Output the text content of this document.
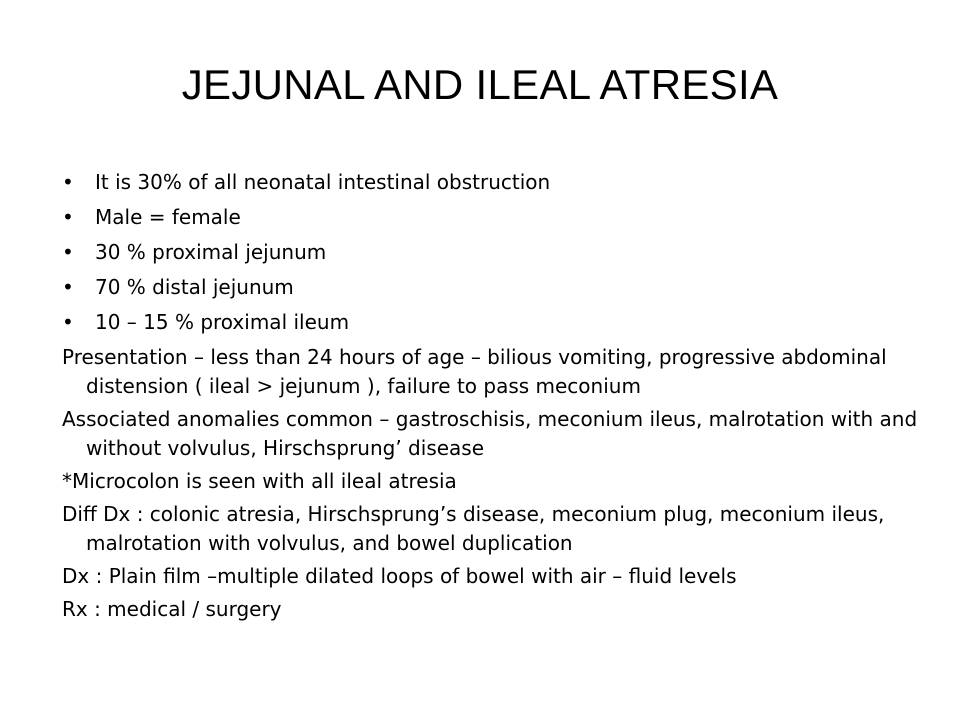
JEJUNAL AND ILEAL ATRESIA
• It is 30% of all neonatal intestinal obstruction
• Male = female
• 30 % proximal jejunum
• 70 % distal jejunum
• 10 – 15 % proximal ileum

Presentation – less than 24 hours of age – bilious vomiting, progressive abdominal distension ( ileal > jejunum ), failure to pass meconium

Associated anomalies common – gastroschisis, meconium ileus, malrotation with and without volvulus, Hirschsprung’ disease

*Microcolon is seen with all ileal atresia

Diff Dx : colonic atresia, Hirschsprung’s disease, meconium plug, meconium ileus, malrotation with volvulus, and bowel duplication

Dx : Plain film –multiple dilated loops of bowel with air – fluid levels

Rx : medical / surgery
